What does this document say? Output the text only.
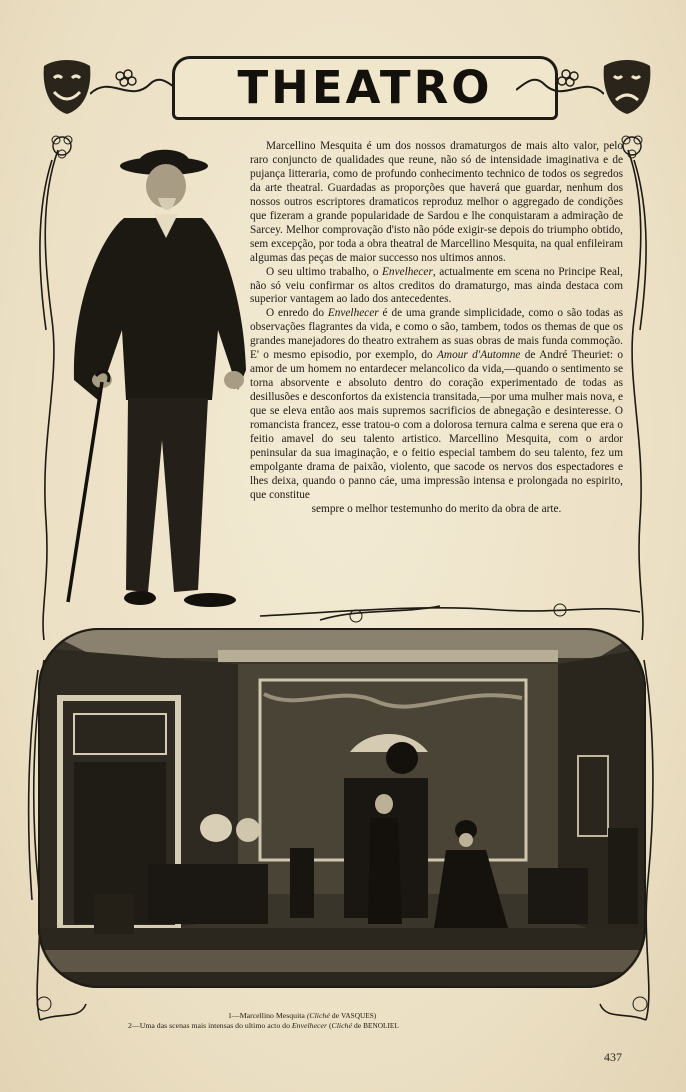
THEATRO

Marcellino Mesquita é um dos nossos dramaturgos de mais alto valor, pelo raro conjuncto de qualidades que reune, não só de intensidade imaginativa e de pujança litteraria, como de profundo conhecimento technico de todos os segredos da arte theatral. Guardadas as proporções que haverá que guardar, nenhum dos nossos outros escriptores dramaticos reproduz melhor o aggregado de condições que fizeram a grande popularidade de Sardou e lhe conquistaram a admiração de Sarcey. Melhor comprovação d'isto não póde exigir-se depois do triumpho obtido, sem excepção, por toda a obra theatral de Marcellino Mesquita, na qual enfileiram algumas das peças de maior successo nos ultimos annos.

O seu ultimo trabalho, o Envelhecer, actualmente em scena no Principe Real, não só veiu confirmar os altos creditos do dramaturgo, mas ainda destaca com superior vantagem ao lado dos antecedentes.

O enredo do Envelhecer é de uma grande simplicidade, como o são todas as observações flagrantes da vida, e como o são, tambem, todos os themas de que os grandes manejadores do theatro extrahem as suas obras de mais funda commoção. E' o mesmo episodio, por exemplo, do Amour d'Automne de André Theuriet: o amor de um homem no entardecer melancolico da vida,—quando o sentimento se torna absorvente e absoluto dentro do coração experimentado de todas as desillusões e desconfortos da existencia transitada,—por uma mulher mais nova, e que se eleva então aos mais supremos sacrificios de abnegação e desinteresse. O romancista francez, esse tratou-o com a dolorosa ternura calma e serena que era o feitio amavel do seu talento artistico. Marcellino Mesquita, com o ardor peninsular da sua imaginação, e o feitio especial tambem do seu talento, fez um empolgante drama de paixão, violento, que sacode os nervos dos espectadores e lhes deixa, quando o panno cáe, uma impressão intensa e prolongada no espirito, que constitue

sempre o melhor testemunho do merito da obra de arte.

1—Marcellino Mesquita (Cliché de VASQUES)
2—Uma das scenas mais intensas do ultimo acto do Envelhecer (Cliché de BENOLIEL
437
